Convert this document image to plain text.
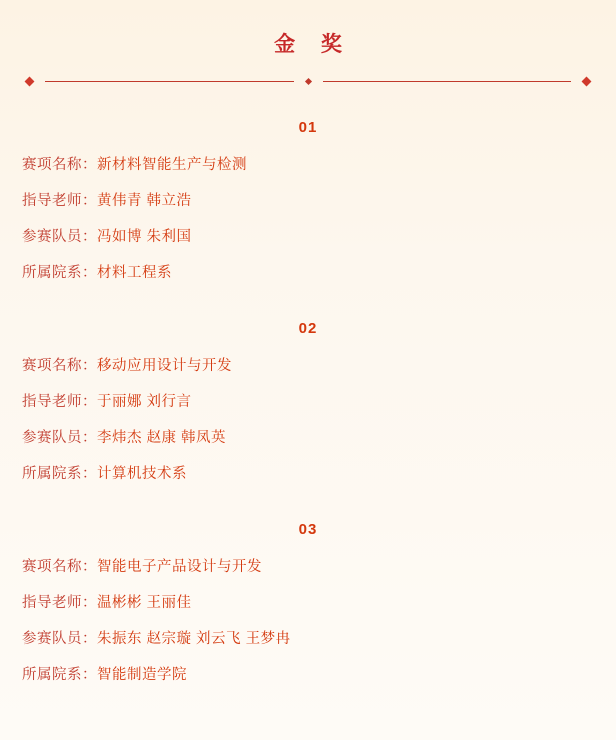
金 奖
01
赛项名称： 新材料智能生产与检测
指导老师： 黄伟青 韩立浩
参赛队员： 冯如博 朱利国
所属院系： 材料工程系
02
赛项名称： 移动应用设计与开发
指导老师： 于丽娜 刘行言
参赛队员： 李炜杰 赵康 韩凤英
所属院系： 计算机技术系
03
赛项名称： 智能电子产品设计与开发
指导老师： 温彬彬 王丽佳
参赛队员： 朱振东 赵宗璇 刘云飞 王梦冉
所属院系： 智能制造学院
